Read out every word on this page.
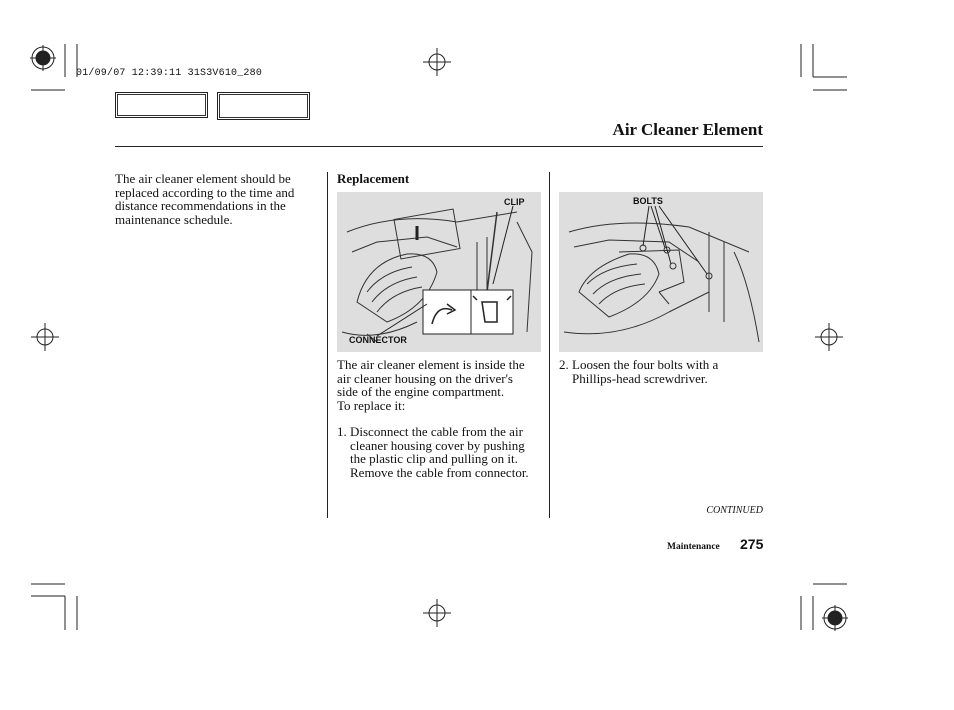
01/09/07 12:39:11 31S3V610_280
Air Cleaner Element
The air cleaner element should be
replaced according to the time and
distance recommendations in the
maintenance schedule.
Replacement
CLIP
CONNECTOR
The air cleaner element is inside the
air cleaner housing on the driver's
side of the engine compartment.
To replace it:
1. Disconnect the cable from the air
cleaner housing cover by pushing
the plastic clip and pulling on it.
Remove the cable from connector.
BOLTS
2. Loosen the four bolts with a
Phillips-head screwdriver.
CONTINUED
Maintenance 275
